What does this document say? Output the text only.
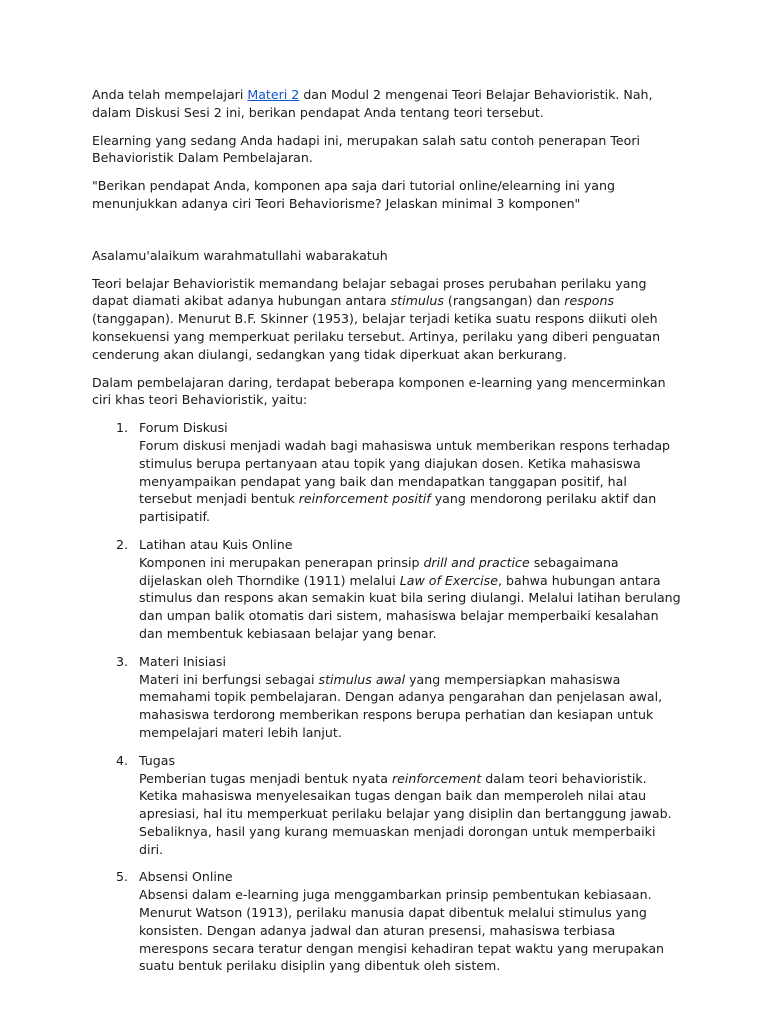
Anda telah mempelajari Materi 2 dan Modul 2 mengenai Teori Belajar Behavioristik. Nah, dalam Diskusi Sesi 2 ini, berikan pendapat Anda tentang teori tersebut.

Elearning yang sedang Anda hadapi ini, merupakan salah satu contoh penerapan Teori Behavioristik Dalam Pembelajaran.

"Berikan pendapat Anda, komponen apa saja dari tutorial online/elearning ini yang menunjukkan adanya ciri Teori Behaviorisme? Jelaskan minimal 3 komponen"

Asalamu'alaikum warahmatullahi wabarakatuh

Teori belajar Behavioristik memandang belajar sebagai proses perubahan perilaku yang dapat diamati akibat adanya hubungan antara stimulus (rangsangan) dan respons (tanggapan). Menurut B.F. Skinner (1953), belajar terjadi ketika suatu respons diikuti oleh konsekuensi yang memperkuat perilaku tersebut. Artinya, perilaku yang diberi penguatan cenderung akan diulangi, sedangkan yang tidak diperkuat akan berkurang.

Dalam pembelajaran daring, terdapat beberapa komponen e-learning yang mencerminkan ciri khas teori Behavioristik, yaitu:

1. Forum Diskusi
Forum diskusi menjadi wadah bagi mahasiswa untuk memberikan respons terhadap stimulus berupa pertanyaan atau topik yang diajukan dosen. Ketika mahasiswa menyampaikan pendapat yang baik dan mendapatkan tanggapan positif, hal tersebut menjadi bentuk reinforcement positif yang mendorong perilaku aktif dan partisipatif.
2. Latihan atau Kuis Online
Komponen ini merupakan penerapan prinsip drill and practice sebagaimana dijelaskan oleh Thorndike (1911) melalui Law of Exercise, bahwa hubungan antara stimulus dan respons akan semakin kuat bila sering diulangi. Melalui latihan berulang dan umpan balik otomatis dari sistem, mahasiswa belajar memperbaiki kesalahan dan membentuk kebiasaan belajar yang benar.
3. Materi Inisiasi
Materi ini berfungsi sebagai stimulus awal yang mempersiapkan mahasiswa memahami topik pembelajaran. Dengan adanya pengarahan dan penjelasan awal, mahasiswa terdorong memberikan respons berupa perhatian dan kesiapan untuk mempelajari materi lebih lanjut.
4. Tugas
Pemberian tugas menjadi bentuk nyata reinforcement dalam teori behavioristik. Ketika mahasiswa menyelesaikan tugas dengan baik dan memperoleh nilai atau apresiasi, hal itu memperkuat perilaku belajar yang disiplin dan bertanggung jawab. Sebaliknya, hasil yang kurang memuaskan menjadi dorongan untuk memperbaiki diri.
5. Absensi Online
Absensi dalam e-learning juga menggambarkan prinsip pembentukan kebiasaan. Menurut Watson (1913), perilaku manusia dapat dibentuk melalui stimulus yang konsisten. Dengan adanya jadwal dan aturan presensi, mahasiswa terbiasa merespons secara teratur dengan mengisi kehadiran tepat waktu yang merupakan suatu bentuk perilaku disiplin yang dibentuk oleh sistem.
